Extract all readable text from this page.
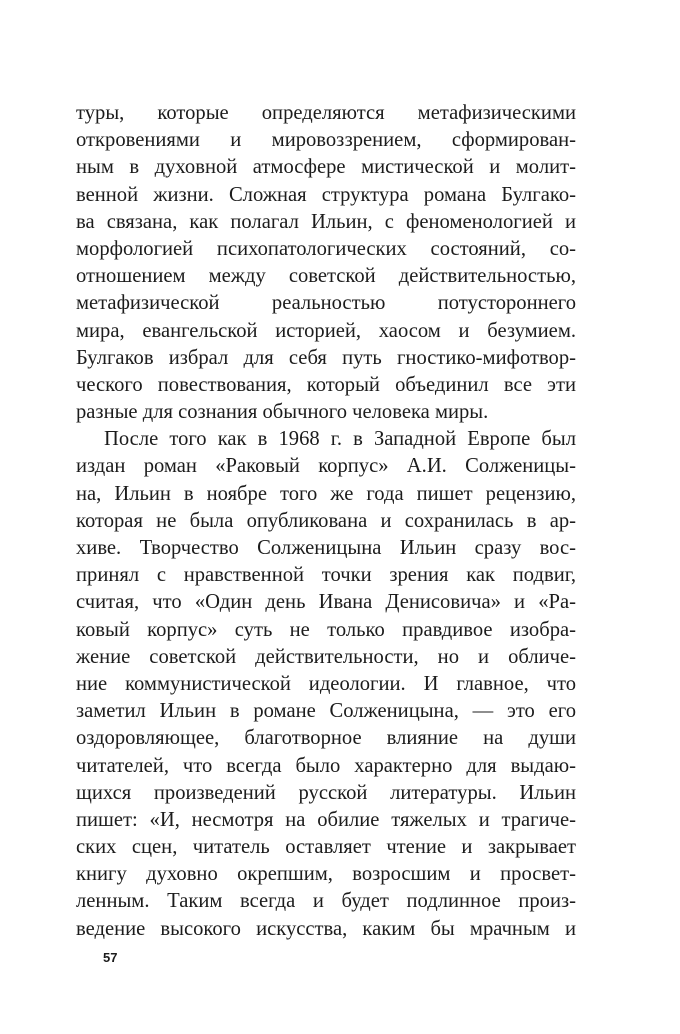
туры, которые определяются метафизическими
откровениями и мировоззрением, сформирован-
ным в духовной атмосфере мистической и молит-
венной жизни. Сложная структура романа Булгако-
ва связана, как полагал Ильин, с феноменологией и
морфологией психопатологических состояний, со-
отношением между советской действительностью,
метафизической реальностью потустороннего
мира, евангельской историей, хаосом и безумием.
Булгаков избрал для себя путь гностико-мифотвор-
ческого повествования, который объединил все эти
разные для сознания обычного человека миры.
После того как в 1968 г. в Западной Европе был
издан роман «Раковый корпус» А.И. Солженицы-
на, Ильин в ноябре того же года пишет рецензию,
которая не была опубликована и сохранилась в ар-
хиве. Творчество Солженицына Ильин сразу вос-
принял с нравственной точки зрения как подвиг,
считая, что «Один день Ивана Денисовича» и «Ра-
ковый корпус» суть не только правдивое изобра-
жение советской действительности, но и обличе-
ние коммунистической идеологии. И главное, что
заметил Ильин в романе Солженицына, — это его
оздоровляющее, благотворное влияние на души
читателей, что всегда было характерно для выдаю-
щихся произведений русской литературы. Ильин
пишет: «И, несмотря на обилие тяжелых и трагиче-
ских сцен, читатель оставляет чтение и закрывает
книгу духовно окрепшим, возросшим и просвет-
ленным. Таким всегда и будет подлинное произ-
ведение высокого искусства, каким бы мрачным и
57
